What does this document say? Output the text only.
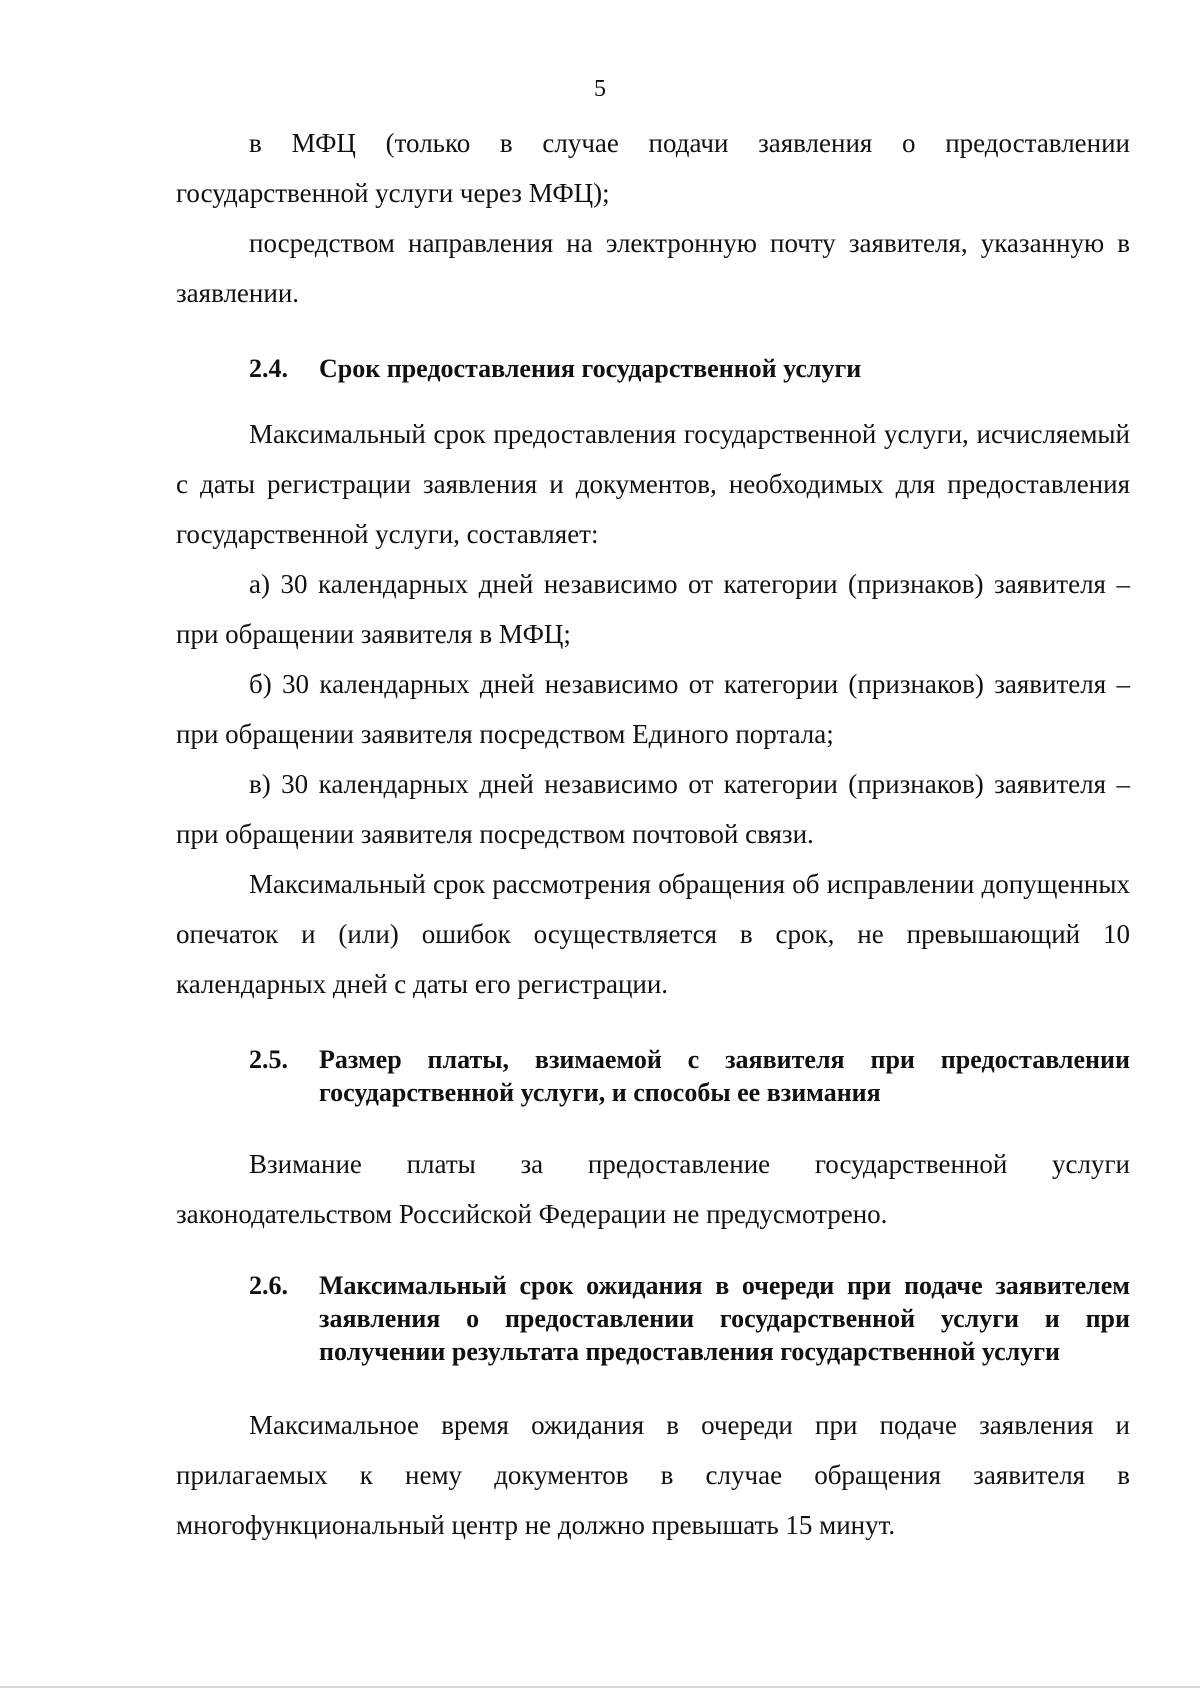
5

в МФЦ (только в случае подачи заявления о предоставлении государственной услуги через МФЦ);

посредством направления на электронную почту заявителя, указанную в заявлении.

2.4.	Срок предоставления государственной услуги

Максимальный срок предоставления государственной услуги, исчисляемый с даты регистрации заявления и документов, необходимых для предоставления государственной услуги, составляет:

а) 30 календарных дней независимо от категории (признаков) заявителя – при обращении заявителя в МФЦ;

б) 30 календарных дней независимо от категории (признаков) заявителя – при обращении заявителя посредством Единого портала;

в) 30 календарных дней независимо от категории (признаков) заявителя – при обращении заявителя посредством почтовой связи.

Максимальный срок рассмотрения обращения об исправлении допущенных опечаток и (или) ошибок осуществляется в срок, не превышающий 10 календарных дней с даты его регистрации.

2.5.	Размер платы, взимаемой с заявителя при предоставлении государственной услуги, и способы ее взимания

Взимание платы за предоставление государственной услуги законодательством Российской Федерации не предусмотрено.

2.6.	Максимальный срок ожидания в очереди при подаче заявителем заявления о предоставлении государственной услуги и при получении результата предоставления государственной услуги

Максимальное время ожидания в очереди при подаче заявления и прилагаемых к нему документов в случае обращения заявителя в многофункциональный центр не должно превышать 15 минут.
